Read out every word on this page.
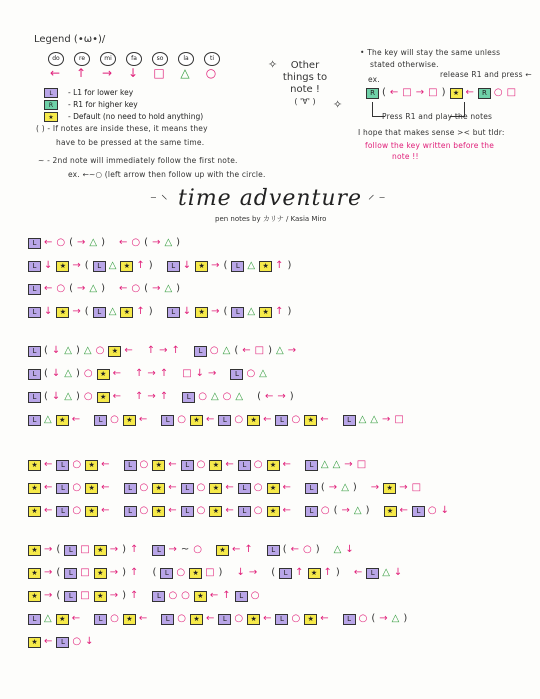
Legend (•ω•)/
do
←
re
↑
mi
→
fa
↓
so
□
la
△
ti
○
L - L1 for lower key
R - R1 for higher key
★ - Default (no need to hold anything)
( ) - If notes are inside these, it means they
have to be pressed at the same time.
~ - 2nd note will immediately follow the first note.
ex. ←~○ (left arrow then follow up with the circle.
Other
things to
note !
( '∀' )
✧
✧
• The key will stay the same unless
stated otherwise.
ex.
release R1 and press ←
R ( ← □ → □ )	★ ←	R ○ □
Press R1 and play the notes
I hope that makes sense >< but tldr:
follow the key written before the
note !!
⁻ ⸌ time adventure ⸍ ⁻
pen notes by カリナ / Kasia Miro
L ← ○ ( → △ ) ← ○ ( → △ )
L ↓	★ → (	L △	★ ↑ )	L ↓	★ → (	L △	★ ↑ )
L ← ○ ( → △ ) ← ○ ( → △ )
L ↓	★ → (	L △	★ ↑ )	L ↓	★ → (	L △	★ ↑ )
L ( ↓ △ ) △ ○	★ ← ↑ → ↑	L ○ △ ( ← □ ) △ →
L ( ↓ △ ) ○	★ ← ↑ → ↑ □ ↓ →	L ○ △
L ( ↓ △ ) ○	★ ← ↑ → ↑	L ○ △ ○ △ ( ← → )
L △	★ ←	L ○	★ ←	L ○	★ ←	L ○	★ ←	L ○	★ ←	L △ △ → □
★ ←	L ○	★ ←	L ○	★ ←	L ○	★ ←	L ○	★ ←	L △ △ → □
★ ←	L ○	★ ←	L ○	★ ←	L ○	★ ←	L ○	★ ←	L ( → △ ) →	★ → □
★ ←	L ○	★ ←	L ○	★ ←	L ○	★ ←	L ○	★ ←	L ○ ( → △ )	★ ←	L ○ ↓
★ → (	L □	★ → ) ↑	L → ~ ○	★ ← ↑	L ( ← ○ ) △ ↓
★ → (	L □	★ → ) ↑ (	L ○	★ □ ) ↓ → (	L ↑	★ ↑ ) ←	L △ ↓
★ → (	L □	★ → ) ↑	L ○ ○	★ ← ↑	L ○
L △	★ ←	L ○	★ ←	L ○	★ ←	L ○	★ ←	L ○	★ ←	L ○ ( → △ )
★ ←	L ○ ↓
